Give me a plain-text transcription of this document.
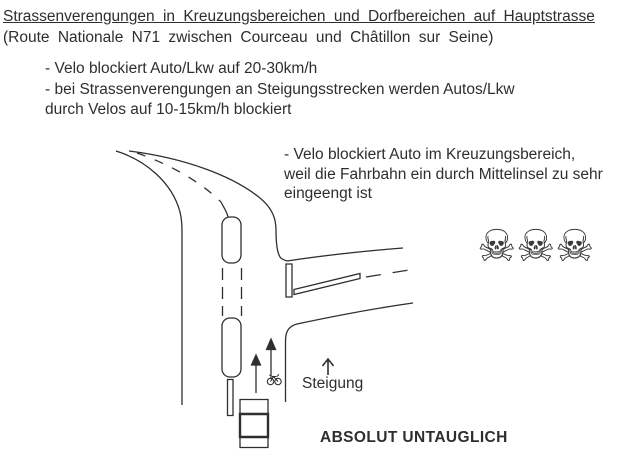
Strassenverengungen in Kreuzungsbereichen und Dorfbereichen auf Hauptstrasse
(Route Nationale N71 zwischen Courceau und Châtillon sur Seine)
- Velo blockiert Auto/Lkw auf 20-30km/h
- bei Strassenverengungen an Steigungsstrecken werden Autos/Lkw
durch Velos auf 10-15km/h blockiert
- Velo blockiert Auto im Kreuzungsbereich,
weil die Fahrbahn ein durch Mittelinsel zu sehr
eingeengt ist
☠ ☠ ☠
Steigung
ABSOLUT UNTAUGLICH
